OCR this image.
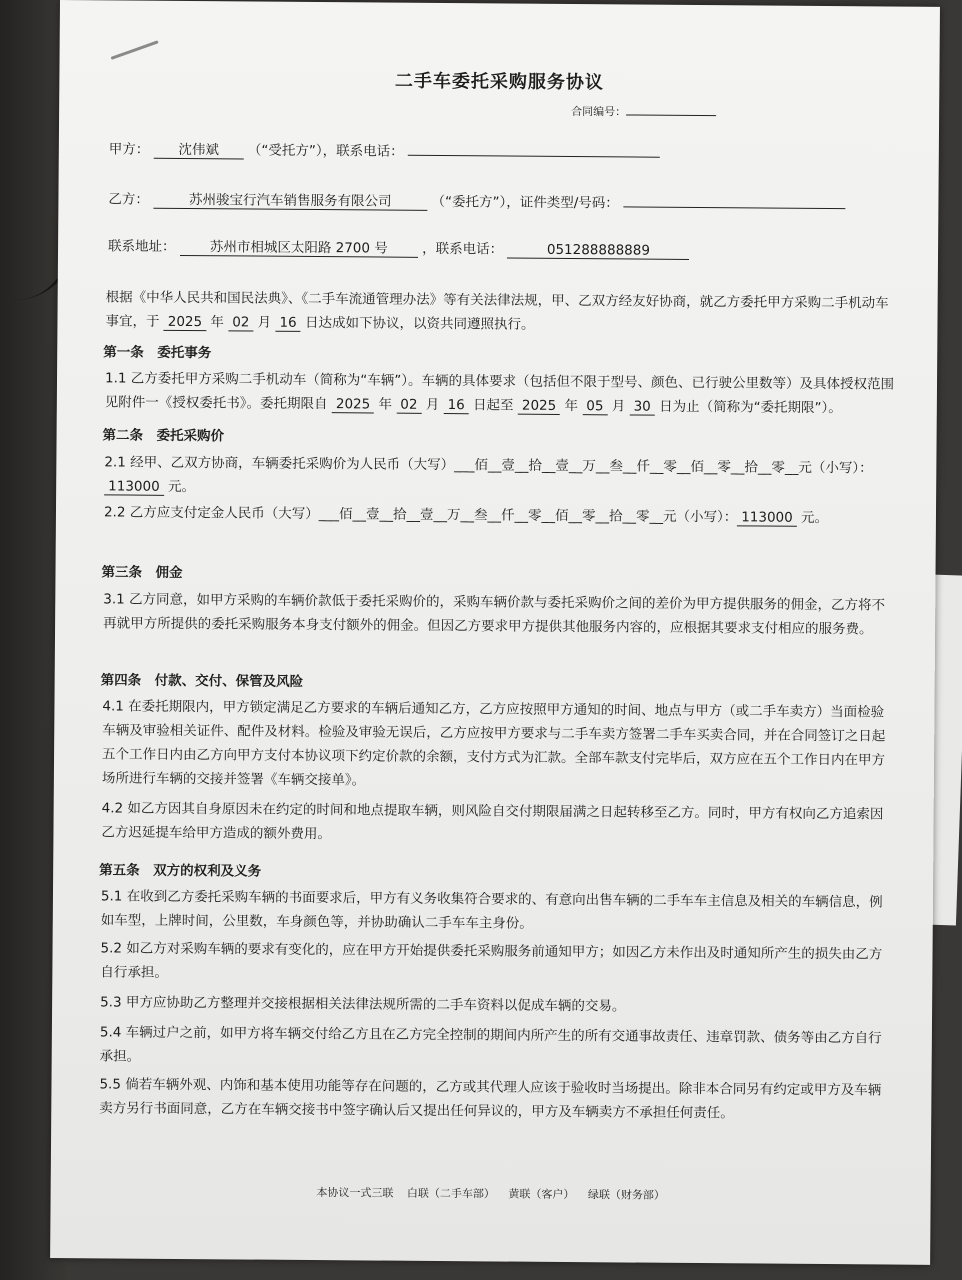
二手车委托采购服务协议
合同编号：
甲方： 沈伟斌 （“受托方”），联系电话：
乙方：	苏州骏宝行汽车销售服务有限公司	（“委托方”），证件类型/号码：
联系地址：	苏州市相城区太阳路 2700 号	，联系电话：	051288888889
根据《中华人民共和国民法典》、《二手车流通管理办法》等有关法律法规，甲、乙双方经友好协商，就乙方委托甲方采购二手机动车事宜，于 2025 年 02 月 16 日达成如下协议，以资共同遵照执行。
第一条　委托事务
1.1 乙方委托甲方采购二手机动车（简称为“车辆”）。车辆的具体要求（包括但不限于型号、颜色、已行驶公里数等）及具体授权范围见附件一《授权委托书》。委托期限自 2025 年 02 月 16 日起至 2025 年 05 月 30 日为止（简称为“委托期限”）。
第二条　委托采购价
2.1 经甲、乙双方协商，车辆委托采购价为人民币（大写）___佰__壹__拾__壹__万__叁__仟__零__佰__零__拾__零__元（小写）：113000 元。
2.2 乙方应支付定金人民币（大写）___佰__壹__拾__壹__万__叁__仟__零__佰__零__拾__零__元（小写）： 113000 元。
第三条　佣金
3.1 乙方同意，如甲方采购的车辆价款低于委托采购价的，采购车辆价款与委托采购价之间的差价为甲方提供服务的佣金，乙方将不再就甲方所提供的委托采购服务本身支付额外的佣金。但因乙方要求甲方提供其他服务内容的，应根据其要求支付相应的服务费。
第四条　付款、交付、保管及风险
4.1 在委托期限内，甲方锁定满足乙方要求的车辆后通知乙方，乙方应按照甲方通知的时间、地点与甲方（或二手车卖方）当面检验车辆及审验相关证件、配件及材料。检验及审验无误后，乙方应按甲方要求与二手车卖方签署二手车买卖合同，并在合同签订之日起五个工作日内由乙方向甲方支付本协议项下约定价款的余额，支付方式为汇款。全部车款支付完毕后，双方应在五个工作日内在甲方场所进行车辆的交接并签署《车辆交接单》。
4.2 如乙方因其自身原因未在约定的时间和地点提取车辆，则风险自交付期限届满之日起转移至乙方。同时，甲方有权向乙方追索因乙方迟延提车给甲方造成的额外费用。
第五条　双方的权利及义务
5.1 在收到乙方委托采购车辆的书面要求后，甲方有义务收集符合要求的、有意向出售车辆的二手车车主信息及相关的车辆信息，例如车型，上牌时间，公里数，车身颜色等，并协助确认二手车车主身份。
5.2 如乙方对采购车辆的要求有变化的，应在甲方开始提供委托采购服务前通知甲方；如因乙方未作出及时通知所产生的损失由乙方自行承担。
5.3 甲方应协助乙方整理并交接根据相关法律法规所需的二手车资料以促成车辆的交易。
5.4 车辆过户之前，如甲方将车辆交付给乙方且在乙方完全控制的期间内所产生的所有交通事故责任、违章罚款、债务等由乙方自行承担。
5.5 倘若车辆外观、内饰和基本使用功能等存在问题的，乙方或其代理人应该于验收时当场提出。除非本合同另有约定或甲方及车辆卖方另行书面同意，乙方在车辆交接书中签字确认后又提出任何异议的，甲方及车辆卖方不承担任何责任。
本协议一式三联 白联（二手车部） 黄联（客户） 绿联（财务部）
